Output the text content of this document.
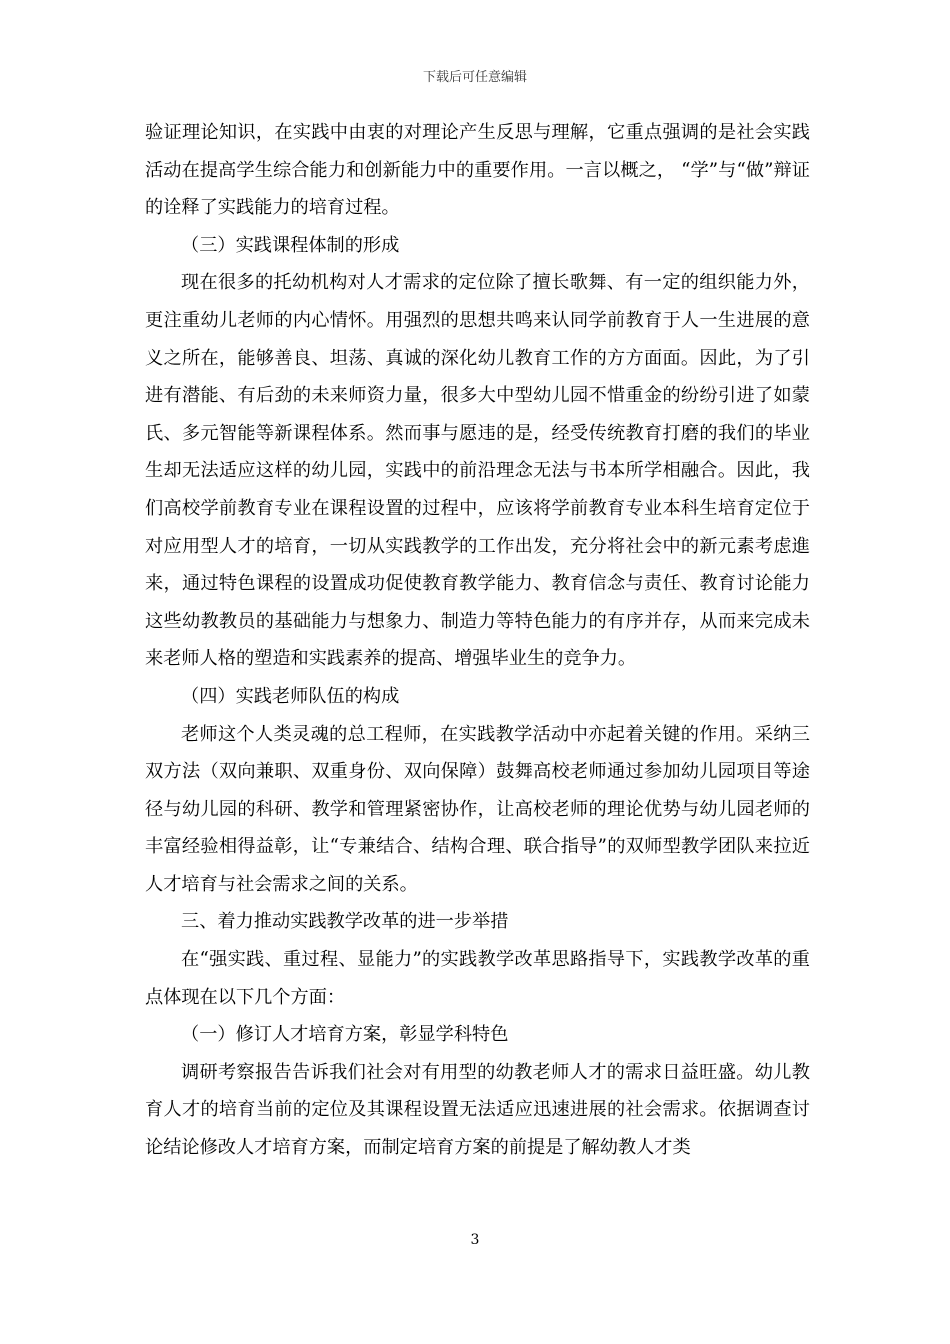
下载后可任意编辑

验证理论知识，在实践中由衷的对理论产生反思与理解，它重点强调的是社会实践活动在提高学生综合能力和创新能力中的重要作用。一言以概之， “学”与“做”辩证的诠释了实践能力的培育过程。

（三）实践课程体制的形成

现在很多的托幼机构对人才需求的定位除了擅长歌舞、有一定的组织能力外，更注重幼儿老师的内心情怀。用强烈的思想共鸣来认同学前教育于人一生进展的意义之所在，能够善良、坦荡、真诚的深化幼儿教育工作的方方面面。因此，为了引进有潜能、有后劲的未来师资力量，很多大中型幼儿园不惜重金的纷纷引进了如蒙氏、多元智能等新课程体系。然而事与愿违的是，经受传统教育打磨的我们的毕业生却无法适应这样的幼儿园，实践中的前沿理念无法与书本所学相融合。因此，我们高校学前教育专业在课程设置的过程中，应该将学前教育专业本科生培育定位于对应用型人才的培育，一切从实践教学的工作出发，充分将社会中的新元素考虑進来，通过特色课程的设置成功促使教育教学能力、教育信念与责任、教育讨论能力这些幼教教员的基础能力与想象力、制造力等特色能力的有序并存，从而来完成未来老师人格的塑造和实践素养的提高、增强毕业生的竞争力。

（四）实践老师队伍的构成

老师这个人类灵魂的总工程师，在实践教学活动中亦起着关键的作用。采纳三双方法（双向兼职、双重身份、双向保障）鼓舞高校老师通过参加幼儿园项目等途径与幼儿园的科研、教学和管理紧密协作，让高校老师的理论优势与幼儿园老师的丰富经验相得益彰，让“专兼结合、结构合理、联合指导”的双师型教学团队来拉近人才培育与社会需求之间的关系。

三、着力推动实践教学改革的进一步举措

在“强实践、重过程、显能力”的实践教学改革思路指导下，实践教学改革的重点体现在以下几个方面：

（一）修订人才培育方案，彰显学科特色

调研考察报告告诉我们社会对有用型的幼教老师人才的需求日益旺盛。幼儿教育人才的培育当前的定位及其课程设置无法适应迅速进展的社会需求。依据调查讨论结论修改人才培育方案，而制定培育方案的前提是了解幼教人才类

3
